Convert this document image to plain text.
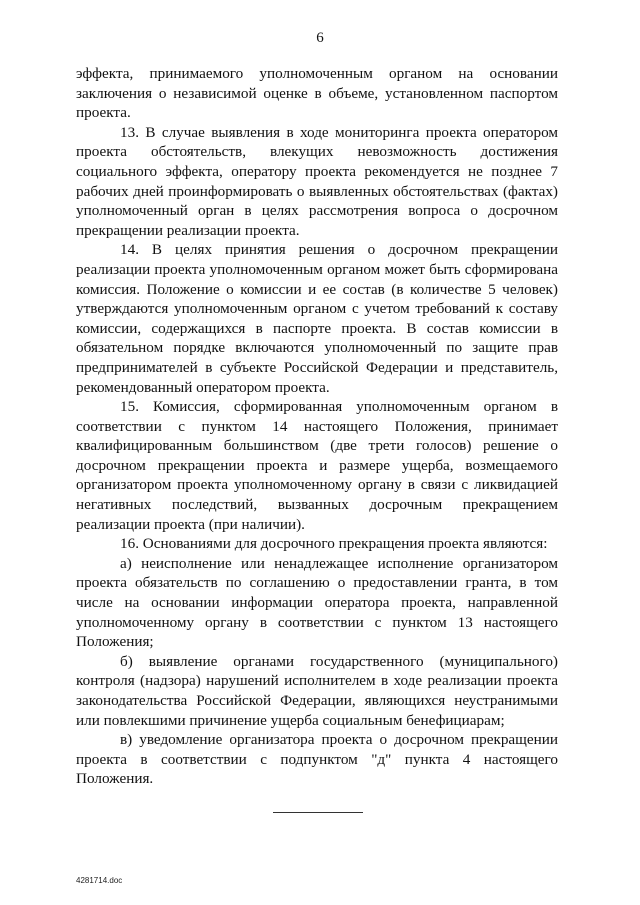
6

эффекта, принимаемого уполномоченным органом на основании заключения о независимой оценке в объеме, установленном паспортом проекта.

13. В случае выявления в ходе мониторинга проекта оператором проекта обстоятельств, влекущих невозможность достижения социального эффекта, оператору проекта рекомендуется не позднее 7 рабочих дней проинформировать о выявленных обстоятельствах (фактах) уполномоченный орган в целях рассмотрения вопроса о досрочном прекращении реализации проекта.

14. В целях принятия решения о досрочном прекращении реализации проекта уполномоченным органом может быть сформирована комиссия. Положение о комиссии и ее состав (в количестве 5 человек) утверждаются уполномоченным органом с учетом требований к составу комиссии, содержащихся в паспорте проекта. В состав комиссии в обязательном порядке включаются уполномоченный по защите прав предпринимателей в субъекте Российской Федерации и представитель, рекомендованный оператором проекта.

15. Комиссия, сформированная уполномоченным органом в соответствии с пунктом 14 настоящего Положения, принимает квалифицированным большинством (две трети голосов) решение о досрочном прекращении проекта и размере ущерба, возмещаемого организатором проекта уполномоченному органу в связи с ликвидацией негативных последствий, вызванных досрочным прекращением реализации проекта (при наличии).

16. Основаниями для досрочного прекращения проекта являются:

а) неисполнение или ненадлежащее исполнение организатором проекта обязательств по соглашению о предоставлении гранта, в том числе на основании информации оператора проекта, направленной уполномоченному органу в соответствии с пунктом 13 настоящего Положения;

б) выявление органами государственного (муниципального) контроля (надзора) нарушений исполнителем в ходе реализации проекта законодательства Российской Федерации, являющихся неустранимыми или повлекшими причинение ущерба социальным бенефициарам;

в) уведомление организатора проекта о досрочном прекращении проекта в соответствии с подпунктом "д" пункта 4 настоящего Положения.

4281714.doc
